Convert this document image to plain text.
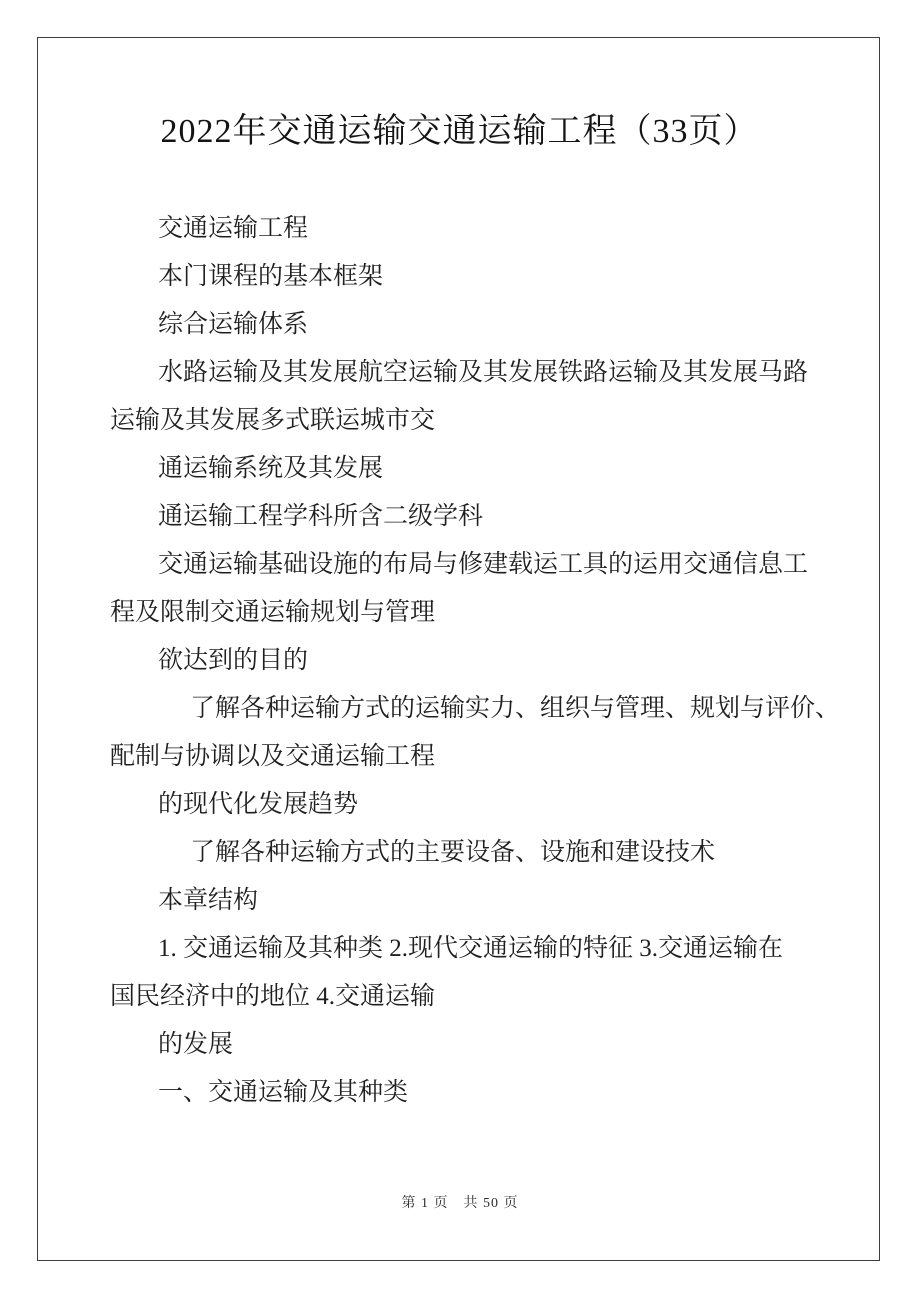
2022年交通运输交通运输工程（33页）
交通运输工程
本门课程的基本框架
综合运输体系
水路运输及其发展航空运输及其发展铁路运输及其发展马路
运输及其发展多式联运城市交
通运输系统及其发展
通运输工程学科所含二级学科
交通运输基础设施的布局与修建载运工具的运用交通信息工
程及限制交通运输规划与管理
欲达到的目的
了解各种运输方式的运输实力、组织与管理、规划与评价、
配制与协调以及交通运输工程
的现代化发展趋势
了解各种运输方式的主要设备、设施和建设技术
本章结构
1. 交通运输及其种类 2.现代交通运输的特征 3.交通运输在
国民经济中的地位 4.交通运输
的发展
一、交通运输及其种类
第 1 页　共 50 页
